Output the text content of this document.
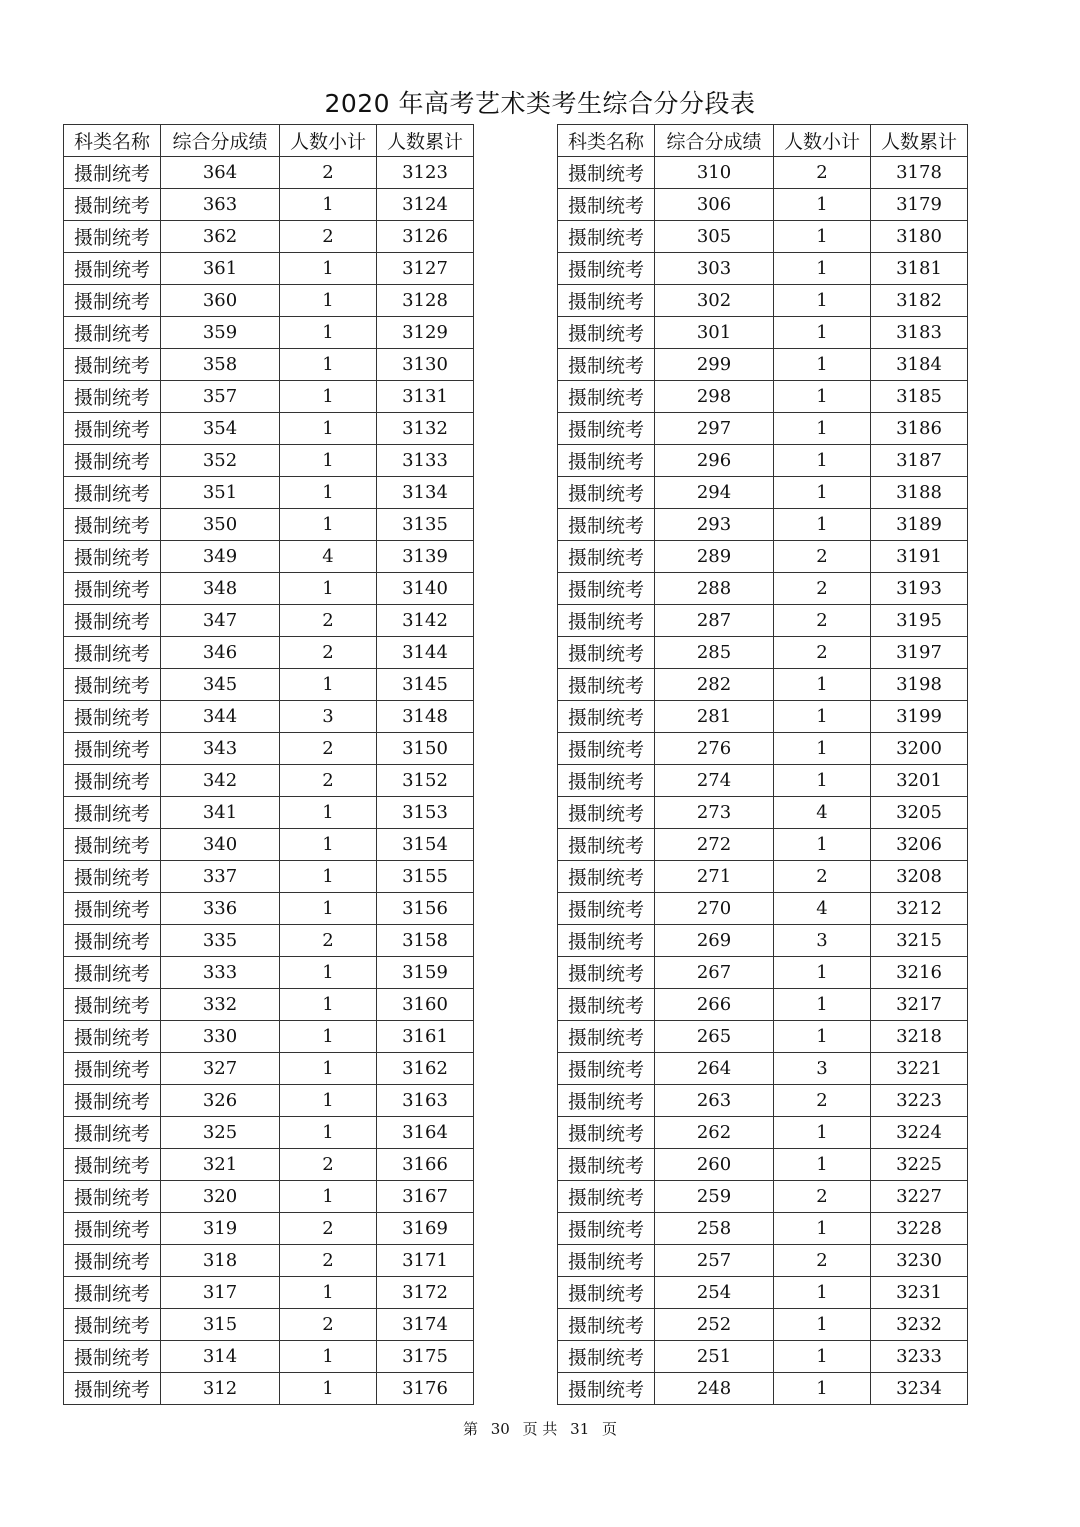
2020 年高考艺术类考生综合分分段表
科类名称	综合分成绩	人数小计	人数累计
摄制统考	364	2	3123
摄制统考	363	1	3124
摄制统考	362	2	3126
摄制统考	361	1	3127
摄制统考	360	1	3128
摄制统考	359	1	3129
摄制统考	358	1	3130
摄制统考	357	1	3131
摄制统考	354	1	3132
摄制统考	352	1	3133
摄制统考	351	1	3134
摄制统考	350	1	3135
摄制统考	349	4	3139
摄制统考	348	1	3140
摄制统考	347	2	3142
摄制统考	346	2	3144
摄制统考	345	1	3145
摄制统考	344	3	3148
摄制统考	343	2	3150
摄制统考	342	2	3152
摄制统考	341	1	3153
摄制统考	340	1	3154
摄制统考	337	1	3155
摄制统考	336	1	3156
摄制统考	335	2	3158
摄制统考	333	1	3159
摄制统考	332	1	3160
摄制统考	330	1	3161
摄制统考	327	1	3162
摄制统考	326	1	3163
摄制统考	325	1	3164
摄制统考	321	2	3166
摄制统考	320	1	3167
摄制统考	319	2	3169
摄制统考	318	2	3171
摄制统考	317	1	3172
摄制统考	315	2	3174
摄制统考	314	1	3175
摄制统考	312	1	3176
科类名称	综合分成绩	人数小计	人数累计
摄制统考	310	2	3178
摄制统考	306	1	3179
摄制统考	305	1	3180
摄制统考	303	1	3181
摄制统考	302	1	3182
摄制统考	301	1	3183
摄制统考	299	1	3184
摄制统考	298	1	3185
摄制统考	297	1	3186
摄制统考	296	1	3187
摄制统考	294	1	3188
摄制统考	293	1	3189
摄制统考	289	2	3191
摄制统考	288	2	3193
摄制统考	287	2	3195
摄制统考	285	2	3197
摄制统考	282	1	3198
摄制统考	281	1	3199
摄制统考	276	1	3200
摄制统考	274	1	3201
摄制统考	273	4	3205
摄制统考	272	1	3206
摄制统考	271	2	3208
摄制统考	270	4	3212
摄制统考	269	3	3215
摄制统考	267	1	3216
摄制统考	266	1	3217
摄制统考	265	1	3218
摄制统考	264	3	3221
摄制统考	263	2	3223
摄制统考	262	1	3224
摄制统考	260	1	3225
摄制统考	259	2	3227
摄制统考	258	1	3228
摄制统考	257	2	3230
摄制统考	254	1	3231
摄制统考	252	1	3232
摄制统考	251	1	3233
摄制统考	248	1	3234
第 30 页 共 31 页
